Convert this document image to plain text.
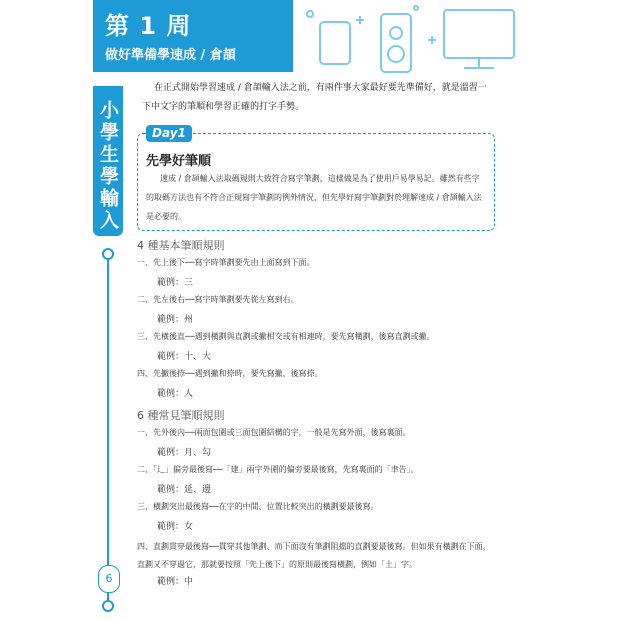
第 1 周
做好準備學速成 / 倉頡
小學生學輸入法
6
在正式開始學習速成 / 倉頡輸入法之前，有兩件事大家最好要先準備好，就是溫習一下中文字的筆順和學習正確的打字手勢。
Day1
先學好筆順
速成 / 倉頡輸入法取碼規則大致符合寫字筆劃，這樣做是為了使用戶易學易記。雖然有些字的取碼方法也有不符合正規寫字筆劃的例外情況，但先學好寫字筆劃對於理解速成 / 倉頡輸入法是必要的。
4 種基本筆順規則
一、先上後下──寫字時筆劃要先由上面寫到下面。
範例：三
二、先左後右──寫字時筆劃要先從左寫到右。
範例：州
三、先橫後直──遇到橫劃與直劃或撇相交或有相連時，要先寫橫劃，後寫直劃或撇。
範例：十、大
四、先撇後捺──遇到撇和捺時，要先寫撇，後寫捺。
範例：人
6 種常見筆順規則
一、先外後內──兩面包圍或三面包圍結構的字，一般是先寫外面，後寫裏面。
範例：月、勾
二、「辶」偏旁最後寫──「建」兩字外圍的偏旁要最後寫，先寫裏面的「聿告」。
範例：延、邊
三、橫劃突出最後寫──在字的中間、位置比較突出的橫劃要最後寫。
範例：女
四、直劃貫穿最後寫──貫穿其他筆劃、而下面沒有筆劃阻擋的直劃要最後寫。但如果有橫劃在下面，直劃又不穿過它，那就要按照「先上後下」的原則最後寫橫劃，例如「土」字。
範例：中
